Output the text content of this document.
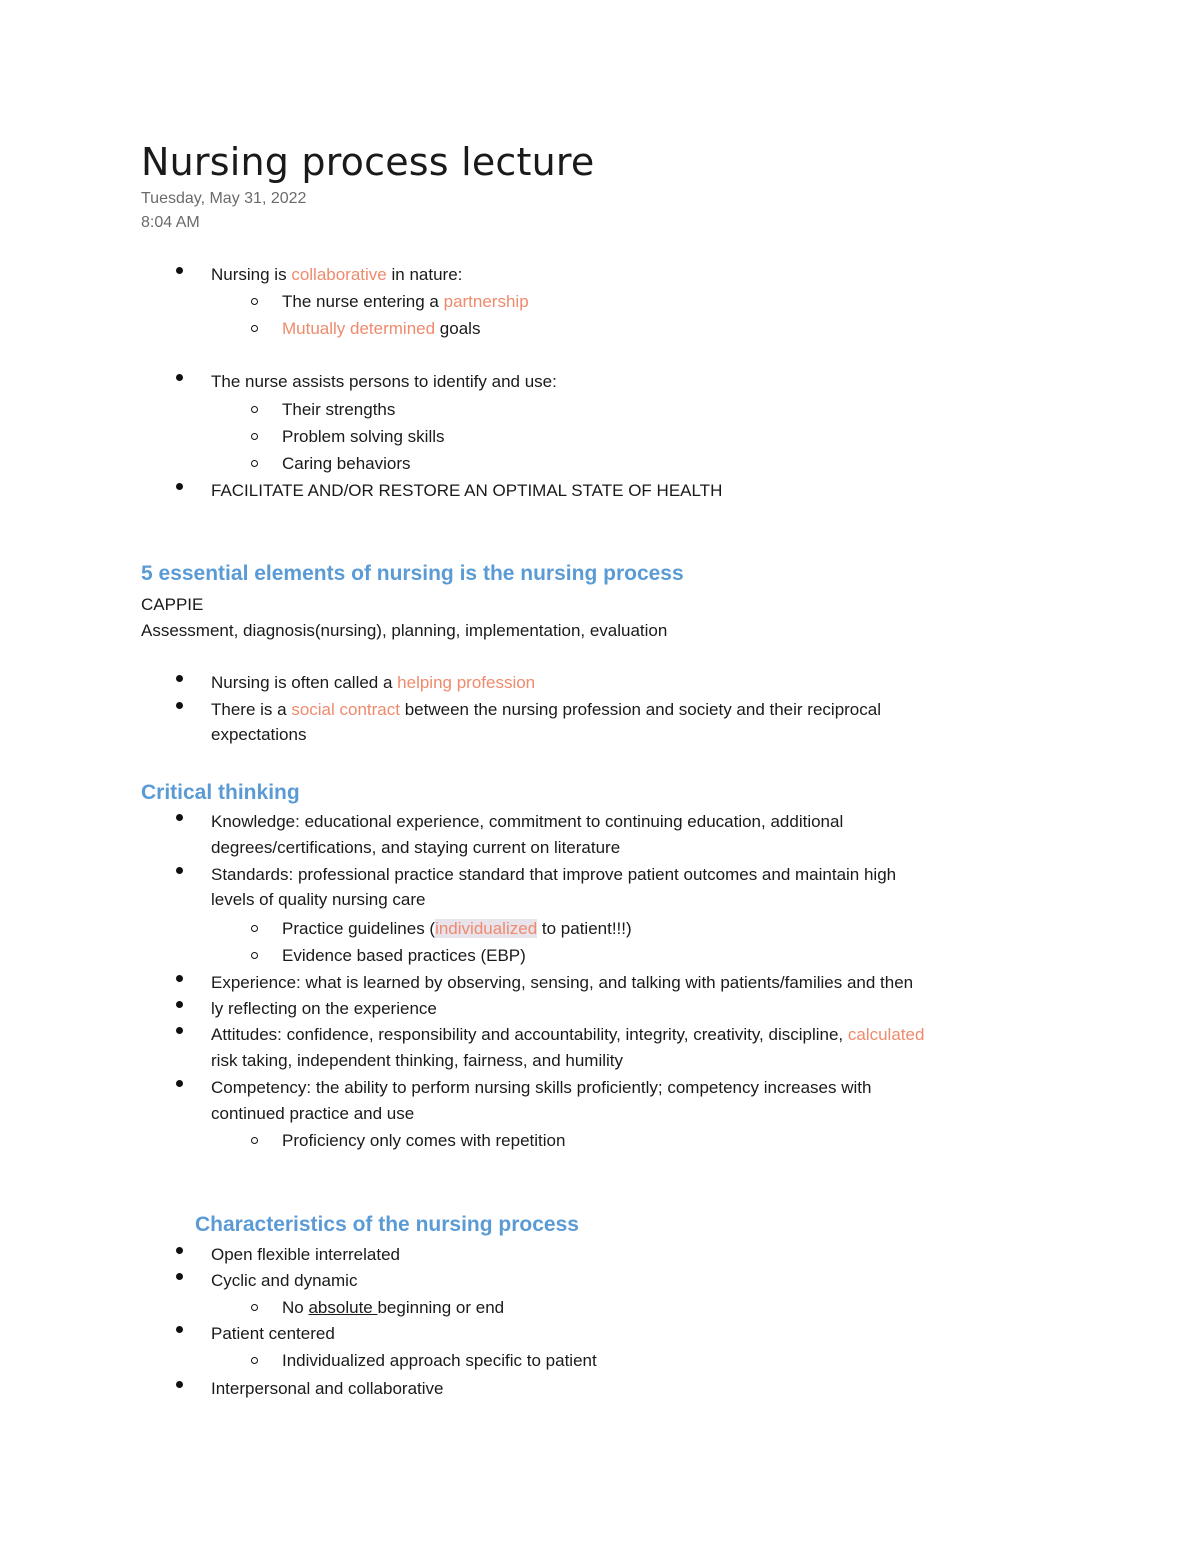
Nursing process lecture
Tuesday, May 31, 2022
8:04 AM
Nursing is collaborative in nature:
The nurse entering a partnership
Mutually determined goals
The nurse assists persons to identify and use:
Their strengths
Problem solving skills
Caring behaviors
FACILITATE AND/OR RESTORE AN OPTIMAL STATE OF HEALTH
5 essential elements of nursing is the nursing process
CAPPIE
Assessment, diagnosis(nursing), planning, implementation, evaluation
Nursing is often called a helping profession
There is a social contract between the nursing profession and society and their reciprocal
expectations
Critical thinking
Knowledge: educational experience, commitment to continuing education, additional
degrees/certifications, and staying current on literature
Standards: professional practice standard that improve patient outcomes and maintain high
levels of quality nursing care
Practice guidelines (individualized to patient!!!)
Evidence based practices (EBP)
Experience: what is learned by observing, sensing, and talking with patients/families and then
ly reflecting on the experience
Attitudes: confidence, responsibility and accountability, integrity, creativity, discipline, calculated
risk taking, independent thinking, fairness, and humility
Competency: the ability to perform nursing skills proficiently; competency increases with
continued practice and use
Proficiency only comes with repetition
Characteristics of the nursing process
Open flexible interrelated
Cyclic and dynamic
No absolute beginning or end
Patient centered
Individualized approach specific to patient
Interpersonal and collaborative
